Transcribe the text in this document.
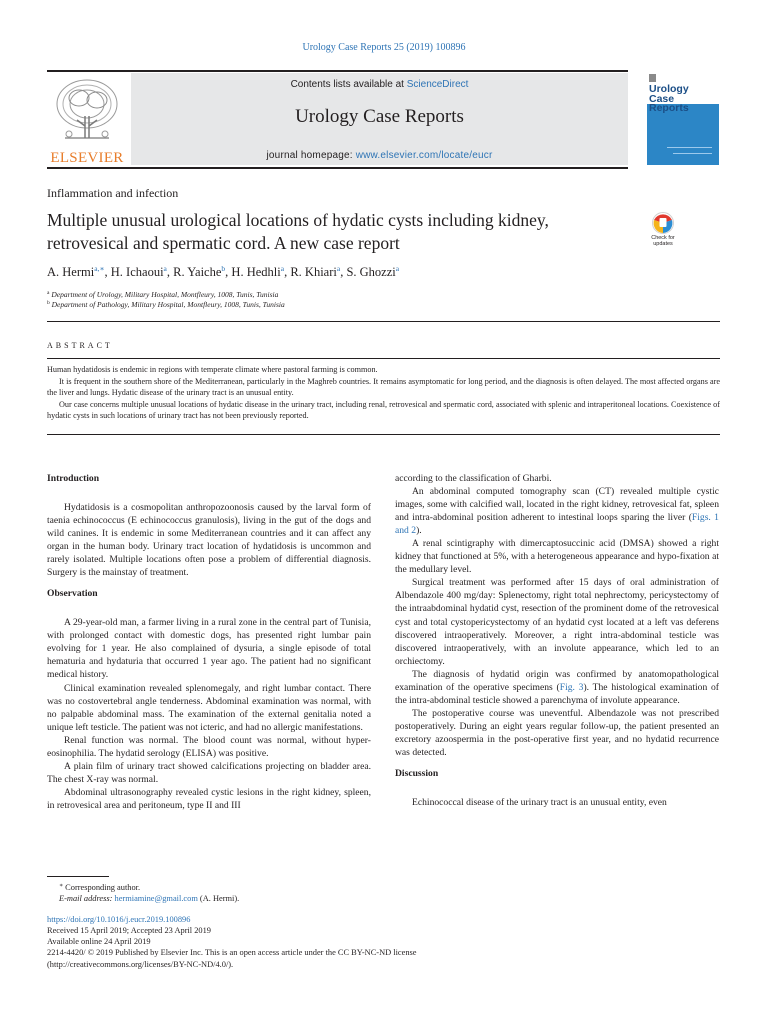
Urology Case Reports 25 (2019) 100896
ELSEVIER
Contents lists available at ScienceDirect
Urology Case Reports
journal homepage: www.elsevier.com/locate/eucr
Urology
Case
Reports
Inflammation and infection
Multiple unusual urological locations of hydatic cysts including kidney,
retrovesical and spermatic cord. A new case report	Check for
updates
A. Hermi$^{a,∗}$, H. Ichaoui$^a$, R. Yaiche$^b$, H. Hedhli$^a$, R. Khiari$^a$, S. Ghozzi$^a$
$^a$ Department of Urology, Military Hospital, Montfleury, 1008, Tunis, Tunisia
$^b$ Department of Pathology, Military Hospital, Montfleury, 1008, Tunis, Tunisia
ABSTRACT

Human hydatidosis is endemic in regions with temperate climate where pastoral farming is common.

It is frequent in the southern shore of the Mediterranean, particularly in the Maghreb countries. It remains asymptomatic for long period, and the diagnosis is often delayed. The most affected organs are the liver and lungs. Hydatic disease of the urinary tract is an unusual entity.

Our case concerns multiple unusual locations of hydatic disease in the urinary tract, including renal, retrovesical and spermatic cord, associated with splenic and intraperitoneal locations. Coexistence of hydatic cysts in such locations of urinary tract has not been previously reported.

Introduction

Hydatidosis is a cosmopolitan anthropozoonosis caused by the larval form of taenia echinococcus (E echinococcus granulosis), living in the gut of the dogs and wild canines. It is endemic in some Mediterranean countries and it can affect any organ in the human body. Urinary tract location of hydatidosis is uncommon and rarely isolated. Multiple locations often pose a problem of differential diagnosis. Surgery is the mainstay of treatment.

Observation

A 29-year-old man, a farmer living in a rural zone in the central part of Tunisia, with prolonged contact with domestic dogs, has presented right lumbar pain evolving for 1 year. He also complained of dysuria, a single episode of total hematuria and hydaturia that occurred 1 year ago. The patient had no significant medical history.

Clinical examination revealed splenomegaly, and right lumbar contact. There was no costovertebral angle tenderness. Abdominal examination was normal, with no palpable abdominal mass. The examination of the external genitalia noted a unique left testicle. The patient was not icteric, and had no allergic manifestations.

Renal function was normal. The blood count was normal, without hyper-eosinophilia. The hydatid serology (ELISA) was positive.

A plain film of urinary tract showed calcifications projecting on bladder area. The chest X-ray was normal.

Abdominal ultrasonography revealed cystic lesions in the right kidney, spleen, in retrovesical area and peritoneum, type II and III

according to the classification of Gharbi.

An abdominal computed tomography scan (CT) revealed multiple cystic images, some with calcified wall, located in the right kidney, retrovesical fat, spleen and intra-abdominal position adherent to intestinal loops sparing the liver (Figs. 1 and 2).

A renal scintigraphy with dimercaptosuccinic acid (DMSA) showed a right kidney that functioned at 5%, with a heterogeneous appearance and hypo-fixation at the medullary level.

Surgical treatment was performed after 15 days of oral administration of Albendazole 400 mg/day: Splenectomy, right total nephrectomy, pericystectomy of the intraabdominal hydatid cyst, resection of the prominent dome of the retrovesical cyst and total cystopericystectomy of an hydatid cyst located at a left vas deferens discovered intraoperatively. Moreover, a right intra-abdominal testicle was discovered intraoperatively, with an involute appearance, which led to an orchiectomy.

The diagnosis of hydatid origin was confirmed by anatomopathological examination of the operative specimens (Fig. 3). The histological examination of the intra-abdominal testicle showed a parenchyma of involute appearance.

The postoperative course was uneventful. Albendazole was not prescribed postoperatively. During an eight years regular follow-up, the patient presented an excretory azoospermia in the post-operative first year, and no hydatid recurrence was detected.

Discussion

Echinococcal disease of the urinary tract is an unusual entity, even

∗ Corresponding author.
E-mail address: hermiamine@gmail.com (A. Hermi).
https://doi.org/10.1016/j.eucr.2019.100896
Received 15 April 2019; Accepted 23 April 2019
Available online 24 April 2019
2214-4420/ © 2019 Published by Elsevier Inc. This is an open access article under the CC BY-NC-ND license
(http://creativecommons.org/licenses/BY-NC-ND/4.0/).
